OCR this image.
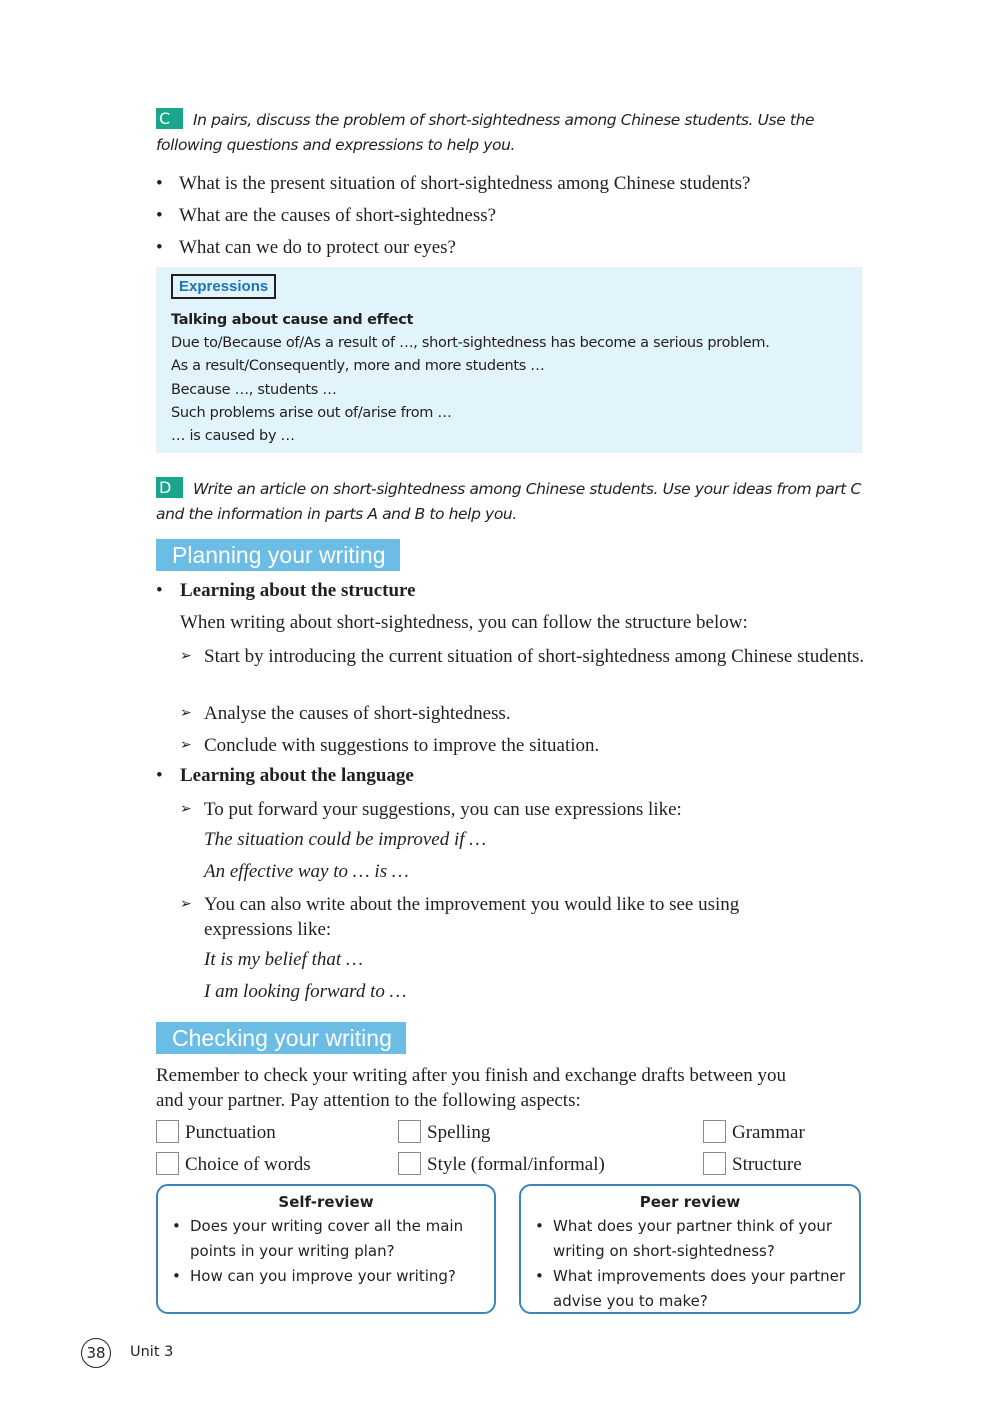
C In pairs, discuss the problem of short-sightedness among Chinese students. Use the
following questions and expressions to help you.
• What is the present situation of short-sightedness among Chinese students?
• What are the causes of short-sightedness?
• What can we do to protect our eyes?
Expressions
Talking about cause and effect
Due to/Because of/As a result of …, short-sightedness has become a serious problem.
As a result/Consequently, more and more students …
Because …, students …
Such problems arise out of/arise from …
… is caused by …
D Write an article on short-sightedness among Chinese students. Use your ideas from part C
and the information in parts A and B to help you.
Planning your writing
• Learning about the structure
When writing about short-sightedness, you can follow the structure below:
➢ Start by introducing the current situation of short-sightedness among Chinese students.
➢ Analyse the causes of short-sightedness.
➢ Conclude with suggestions to improve the situation.
• Learning about the language
➢ To put forward your suggestions, you can use expressions like:
The situation could be improved if …
An effective way to … is …
➢ You can also write about the improvement you would like to see using expressions like:
It is my belief that …
I am looking forward to …
Checking your writing
Remember to check your writing after you finish and exchange drafts between you
and your partner. Pay attention to the following aspects:
Punctuation	Spelling	Grammar
Choice of words	Style (formal/informal)	Structure
Self-review
• Does your writing cover all the main points in your writing plan?
• How can you improve your writing?
Peer review
• What does your partner think of your writing on short-sightedness?
• What improvements does your partner advise you to make?
38	Unit 3
